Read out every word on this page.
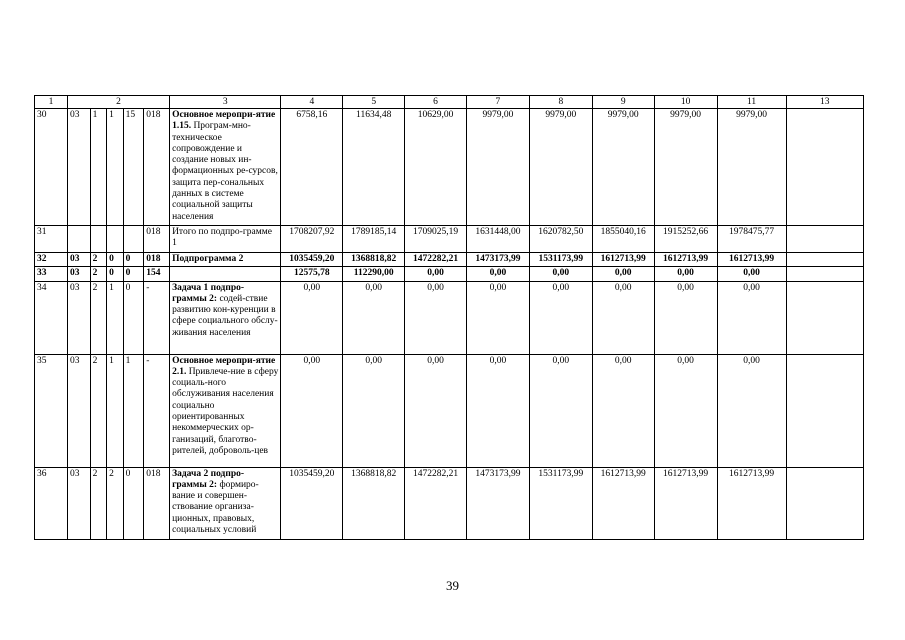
1	2					3	4	5	6	7	8	9	10	11	13
30	03	1	1	15	018	Основное меропри-ятие 1.15. Програм-мно-техническое сопровождение и создание новых ин-формационных ре-сурсов, защита пер-сональных данных в системе социальной защиты населения	6758,16	11634,48	10629,00	9979,00	9979,00	9979,00	9979,00	9979,00	
31					018	Итого по подпро-грамме 1	1708207,92	1789185,14	1709025,19	1631448,00	1620782,50	1855040,16	1915252,66	1978475,77	
32	03	2	0	0	018	Подпрограмма 2	1035459,20	1368818,82	1472282,21	1473173,99	1531173,99	1612713,99	1612713,99	1612713,99	
33	03	2	0	0	154		12575,78	112290,00	0,00	0,00	0,00	0,00	0,00	0,00	
34	03	2	1	0	-	Задача 1 подпро-граммы 2: содей-ствие развитию кон-куренции в сфере социального обслу-живания населения	0,00	0,00	0,00	0,00	0,00	0,00	0,00	0,00	
35	03	2	1	1	-	Основное меропри-ятие 2.1. Привлече-ние в сферу социаль-ного обслуживания населения социально ориентированных некоммерческих ор-ганизаций, благотво-рителей, доброволь-цев	0,00	0,00	0,00	0,00	0,00	0,00	0,00	0,00	
36	03	2	2	0	018	Задача 2 подпро-граммы 2: формиро-вание и совершен-ствование организа-ционных, правовых, социальных условий	1035459,20	1368818,82	1472282,21	1473173,99	1531173,99	1612713,99	1612713,99	1612713,99	
39
